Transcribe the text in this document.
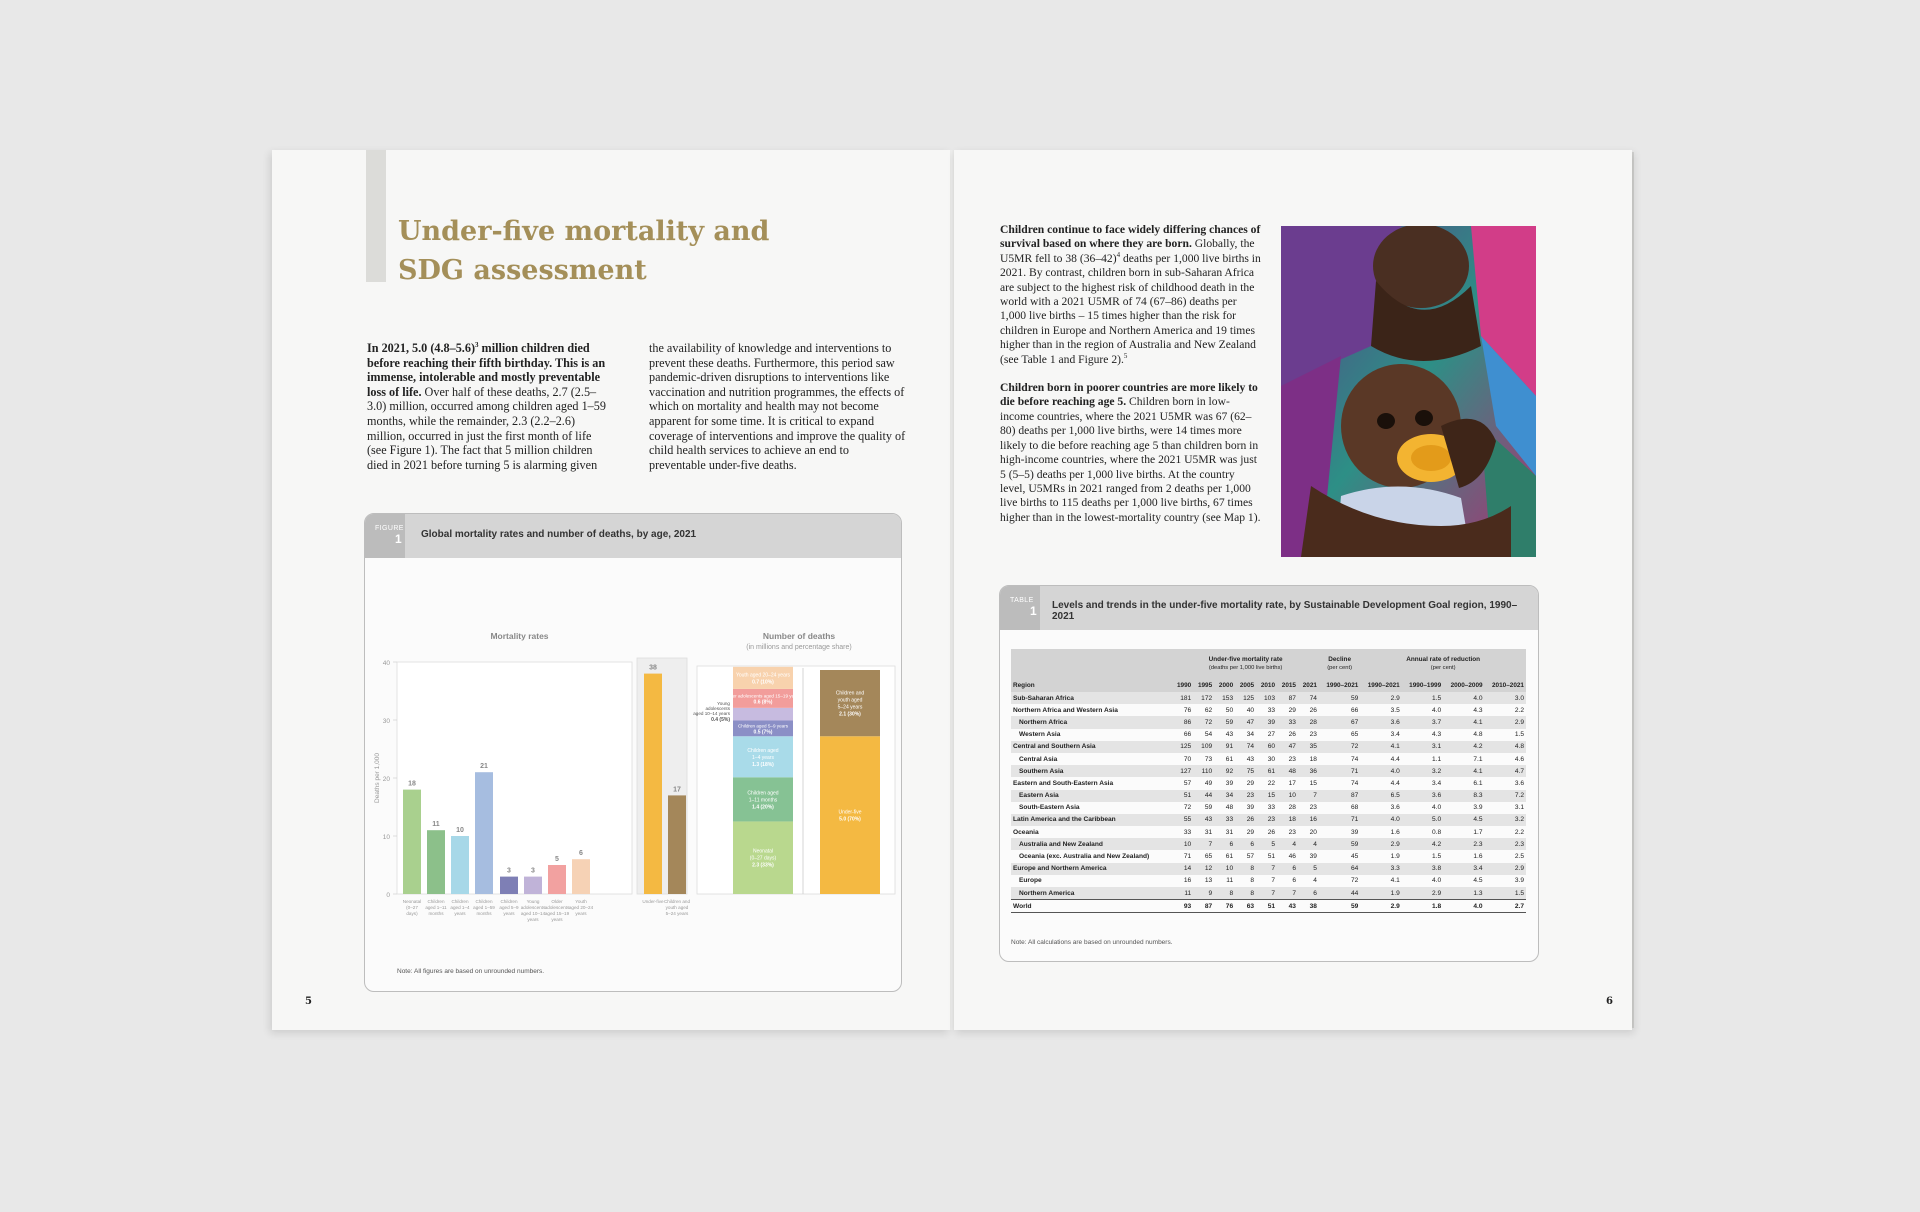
Under-five mortality and
SDG assessment
In 2021, 5.0 $(4.8-5.6)^3$ million children died before reaching their fifth birthday. This is an immense, intolerable and mostly preventable loss of life. Over half of these deaths, 2.7 (2.5–3.0) million, occurred among children aged 1–59 months, while the remainder, 2.3 (2.2–2.6) million, occurred in just the first month of life (see Figure 1). The fact that 5 million children died in 2021 before turning 5 is alarming given
the availability of knowledge and interventions to prevent these deaths. Furthermore, this period saw pandemic-driven disruptions to interventions like vaccination and nutrition programmes, the effects of which on mortality and health may not become apparent for some time. It is critical to expand coverage of interventions and improve the quality of child health services to achieve an end to preventable under-five deaths.
FIGURE
1 Global mortality rates and number of deaths, by age, 2021
Mortality rates
0
10
20
30
40
Deaths per 1,000	18
Neonatal
(0–27
days)
11
Children
aged 1–11
months
10
Children
aged 1–4
years
21
Children
aged 1–59
months
3
Children
aged 5–9
years
3
Young
adolescents
aged 10–14
years
5
Older
adolescents
aged 15–19
years
6
Youth
aged 20–24
years
38
Under-five
17
Children and
youth aged
5–24 years
Number of deaths
(in millions and percentage share)
Neonatal
(0–27 days)
2.3 (33%)
Children aged
1–11 months
1.4 (20%)
Children aged
1–4 years
1.3 (18%)
Children aged 5–9 years
0.5 (7%)
Young
adolescents
aged 10–14 years
0.4 (5%)
Older adolescents aged 15–19 years
0.6 (8%)
Youth aged 20–24 years
0.7 (10%)
Under-five
5.0 (70%)
Children and
youth aged
5–24 years
2.1 (30%)
Note: All figures are based on unrounded numbers.
5

Children continue to face widely differing chances of survival based on where they are born. Globally, the U5MR fell to 38 $(36-42)^4$ deaths per 1,000 live births in 2021. By contrast, children born in sub-Saharan Africa are subject to the highest risk of childhood death in the world with a 2021 U5MR of 74 (67–86) deaths per 1,000 live births – 15 times higher than the risk for children in Europe and Northern America and 19 times higher than in the region of Australia and New Zealand (see Table 1 and Figure 2).$^5$

Children born in poorer countries are more likely to die before reaching age 5. Children born in low-income countries, where the 2021 U5MR was 67 (62–80) deaths per 1,000 live births, were 14 times more likely to die before reaching age 5 than children born in high-income countries, where the 2021 U5MR was just 5 (5–5) deaths per 1,000 live births. At the country level, U5MRs in 2021 ranged from 2 deaths per 1,000 live births to 115 deaths per 1,000 live births, 67 times higher than in the lowest-mortality country (see Map 1).

TABLE
1 Levels and trends in the under-five mortality rate, by Sustainable Development Goal region, 1990–2021
	Under-five mortality rate
(deaths per 1,000 live births)							Decline
(per cent)	Annual rate of reduction
(per cent)			

Region	1990	1995	2000	2005	2010	2015	2021	1990–2021	1990–2021	1990–1999	2000–2009	2010–2021
Sub-Saharan Africa	181	172	153	125	103	87	74	59	2.9	1.5	4.0	3.0
Northern Africa and Western Asia	76	62	50	40	33	29	26	66	3.5	4.0	4.3	2.2
Northern Africa	86	72	59	47	39	33	28	67	3.6	3.7	4.1	2.9
Western Asia	66	54	43	34	27	26	23	65	3.4	4.3	4.8	1.5
Central and Southern Asia	125	109	91	74	60	47	35	72	4.1	3.1	4.2	4.8
Central Asia	70	73	61	43	30	23	18	74	4.4	1.1	7.1	4.6
Southern Asia	127	110	92	75	61	48	36	71	4.0	3.2	4.1	4.7
Eastern and South-Eastern Asia	57	49	39	29	22	17	15	74	4.4	3.4	6.1	3.6
Eastern Asia	51	44	34	23	15	10	7	87	6.5	3.6	8.3	7.2
South-Eastern Asia	72	59	48	39	33	28	23	68	3.6	4.0	3.9	3.1
Latin America and the Caribbean	55	43	33	26	23	18	16	71	4.0	5.0	4.5	3.2
Oceania	33	31	31	29	26	23	20	39	1.6	0.8	1.7	2.2
Australia and New Zealand	10	7	6	6	5	4	4	59	2.9	4.2	2.3	2.3
Oceania (exc. Australia and New Zealand)	71	65	61	57	51	46	39	45	1.9	1.5	1.6	2.5
Europe and Northern America	14	12	10	8	7	6	5	64	3.3	3.8	3.4	2.9
Europe	16	13	11	8	7	6	4	72	4.1	4.0	4.5	3.9
Northern America	11	9	8	8	7	7	6	44	1.9	2.9	1.3	1.5
World	93	87	76	63	51	43	38	59	2.9	1.8	4.0	2.7
Note: All calculations are based on unrounded numbers.
6
